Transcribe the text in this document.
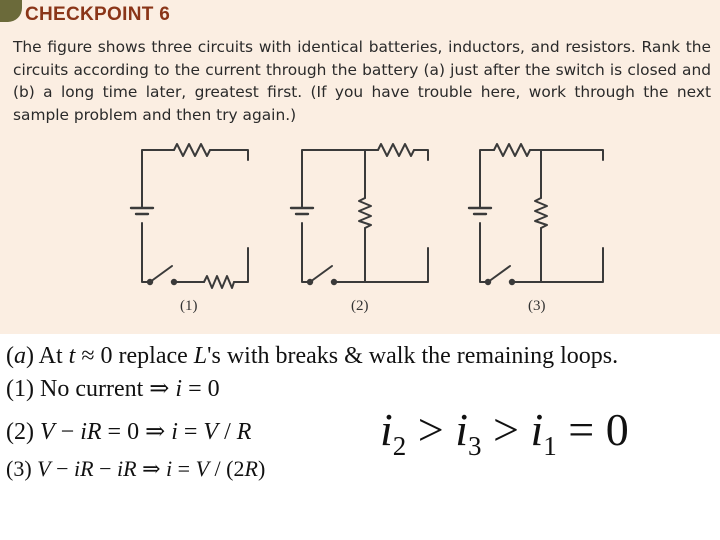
CHECKPOINT 6
The figure shows three circuits with identical batteries, inductors, and resistors. Rank the circuits according to the current through the battery (a) just after the switch is closed and (b) a long time later, greatest first. (If you have trouble here, work through the next sample problem and then try again.)
(1)	(2)	(3)
(a) At t ≈ 0 replace L's with breaks & walk the remaining loops.
(1) No current ⇒ i = 0
(2) V − iR = 0 ⇒ i = V / R
(3) V − iR − iR ⇒ i = V / (2R)
$i_2 > i_3 > i_1 = 0$
